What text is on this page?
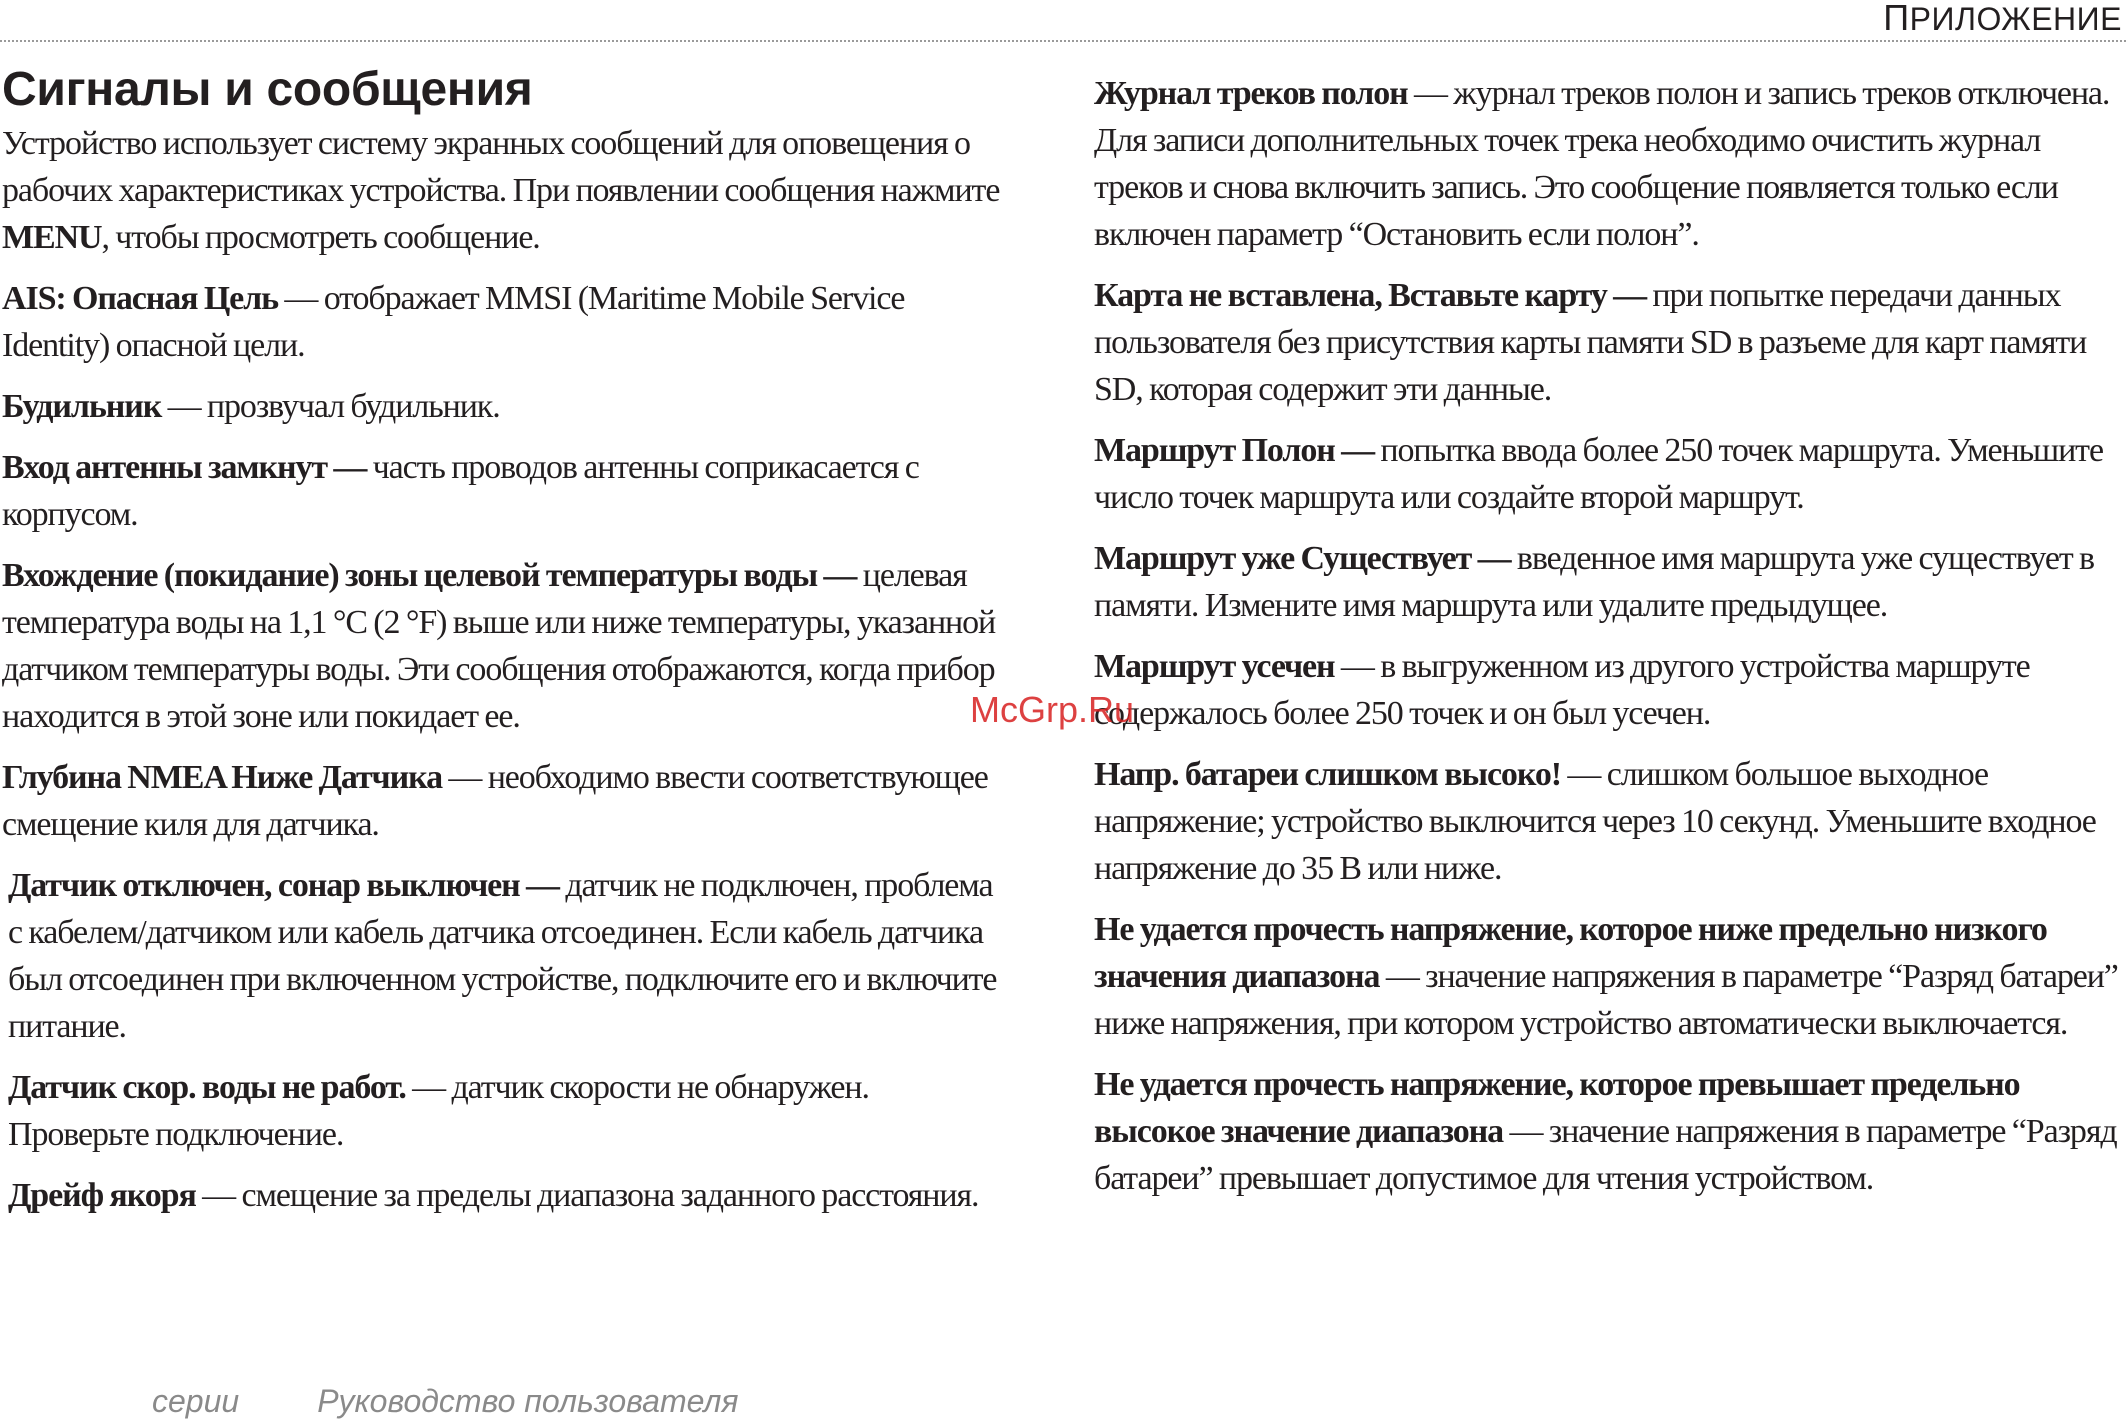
ПРИЛОЖЕНИЕ
Сигналы и сообщения

Устройство использует систему экранных сообщений для оповещения о рабочих характеристиках устройства. При появлении сообщения нажмите MENU, чтобы просмотреть сообщение.

AIS: Опасная Цель — отображает MMSI (Maritime Mobile Service Identity) опасной цели.

Будильник — прозвучал будильник.

Вход антенны замкнут — часть проводов антенны соприкасается с корпусом.

Вхождение (покидание) зоны целевой температуры воды — целевая температура воды на 1,1 °C (2 °F) выше или ниже температуры, указанной датчиком температуры воды. Эти сообщения отображаются, когда прибор находится в этой зоне или покидает ее.

Глубина NMEA Ниже Датчика — необходимо ввести соответствующее смещение киля для датчика.

Датчик отключен, сонар выключен — датчик не подключен, проблема с кабелем/датчиком или кабель датчика отсоединен. Если кабель датчика был отсоединен при включенном устройстве, подключите его и включите питание.

Датчик скор. воды не работ. — датчик скорости не обнаружен. Проверьте подключение.

Дрейф якоря — смещение за пределы диапазона заданного расстояния.

Журнал треков полон — журнал треков полон и запись треков отключена. Для записи дополнительных точек трека необходимо очистить журнал треков и снова включить запись. Это сообщение появляется только если включен параметр “Остановить если полон”.

Карта не вставлена, Вставьте карту — при попытке передачи данных пользователя без присутствия карты памяти SD в разъеме для карт памяти SD, которая содержит эти данные.

Маршрут Полон — попытка ввода более 250 точек маршрута. Уменьшите число точек маршрута или создайте второй маршрут.

Маршрут уже Существует — введенное имя маршрута уже существует в памяти. Измените имя маршрута или удалите предыдущее.

Маршрут усечен — в выгруженном из другого устройства маршруте содержалось более 250 точек и он был усечен.

Напр. батареи слишком высоко! — слишком большое выходное напряжение; устройство выключится через 10 секунд. Уменьшите входное напряжение до 35 В или ниже.

Не удается прочесть напряжение, которое ниже предельно низкого значения диапазона — значение напряжения в параметре “Разряд батареи” ниже напряжения, при котором устройство автоматически выключается.

Не удается прочесть напряжение, которое превышает предельно высокое значение диапазона — значение напряжения в параметре “Разряд батареи” превышает допустимое для чтения устройством.

McGrp.Ru
серии Руководство пользователя
